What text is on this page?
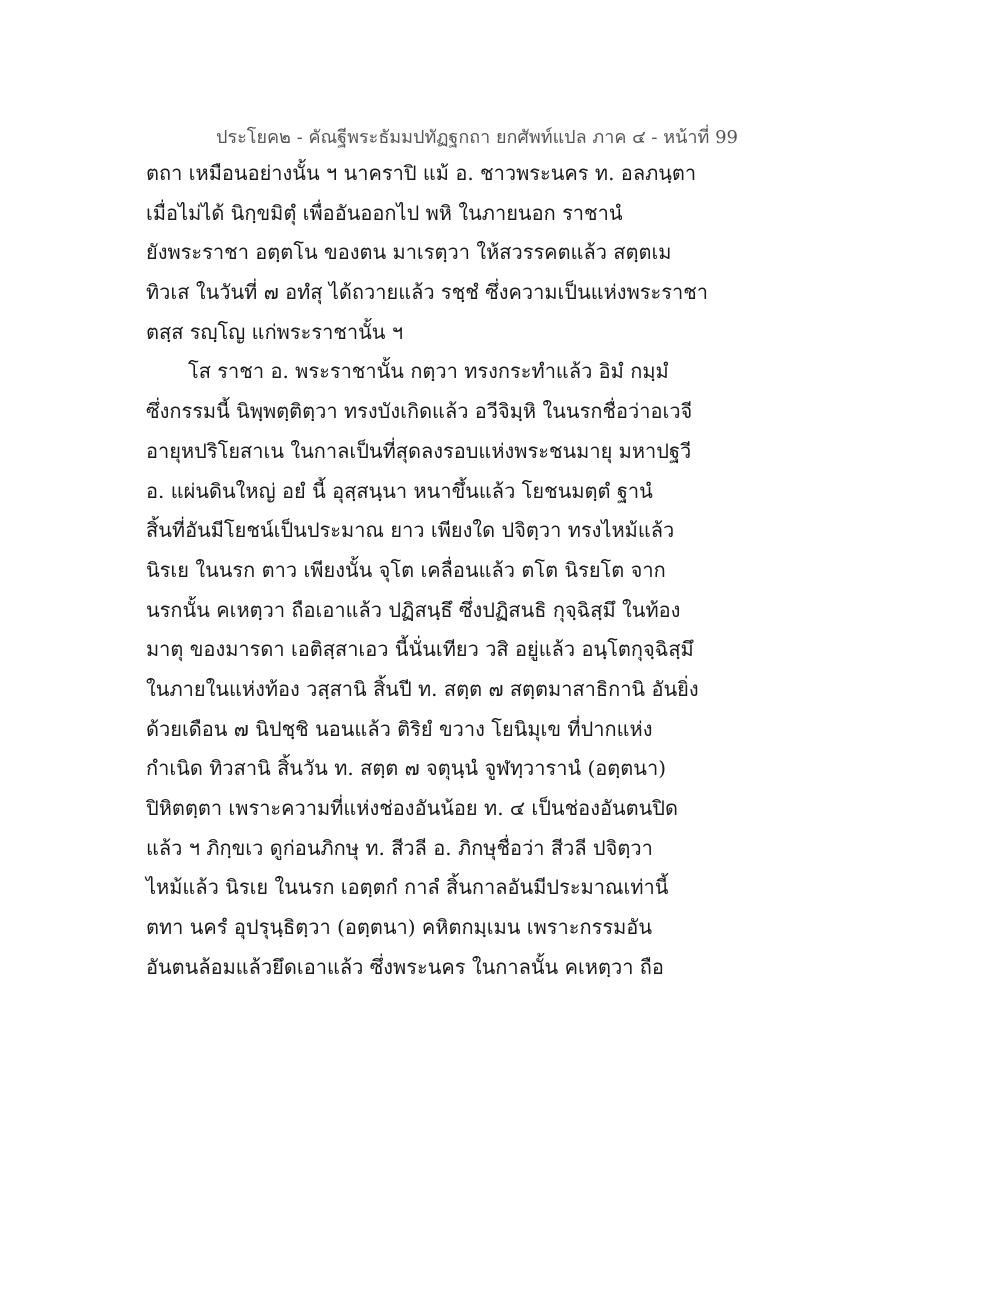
ประโยค๒ - คัณฐีพระธัมมปทัฏฐกถา ยกศัพท์แปล ภาค ๔ - หน้าที่ 99
ตถา เหมือนอย่างนั้น ฯ นาคราปิ แม้ อ. ชาวพระนคร ท. อลภนฺตา
เมื่อไม่ได้ นิกฺขมิตุํ เพื่ออันออกไป พหิ ในภายนอก ราชานํ
ยังพระราชา อตฺตโน ของตน มาเรตฺวา ให้สวรรคตแล้ว สตฺตเม
ทิวเส ในวันที่ ๗ อทํสุ ได้ถวายแล้ว รชฺชํ ซึ่งความเป็นแห่งพระราชา
ตสฺส รญฺโญ แก่พระราชานั้น ฯ
โส ราชา อ. พระราชานั้น กตฺวา ทรงกระทำแล้ว อิมํ กมฺมํ
ซึ่งกรรมนี้ นิพฺพตฺติตฺวา ทรงบังเกิดแล้ว อวีจิมฺหิ ในนรกชื่อว่าอเวจี
อายุหปริโยสาเน ในกาลเป็นที่สุดลงรอบแห่งพระชนมายุ มหาปฐวี
อ. แผ่นดินใหญ่ อยํ นี้ อุสฺสนฺนา หนาขึ้นแล้ว โยชนมตฺตํ ฐานํ
สิ้นที่อันมีโยชน์เป็นประมาณ ยาว เพียงใด ปจิตฺวา ทรงไหม้แล้ว
นิรเย ในนรก ตาว เพียงนั้น จุโต เคลื่อนแล้ว ตโต นิรยโต จาก
นรกนั้น คเหตฺวา ถือเอาแล้ว ปฏิสนฺธึ ซึ่งปฏิสนธิ กุจฺฉิสฺมึ ในท้อง
มาตุ ของมารดา เอติสฺสาเอว นี้นั่นเทียว วสิ อยู่แล้ว อนฺโตกุจฺฉิสฺมึ
ในภายในแห่งท้อง วสฺสานิ สิ้นปี ท. สตฺต ๗ สตฺตมาสาธิกานิ อันยิ่ง
ด้วยเดือน ๗ นิปชฺชิ นอนแล้ว ติริยํ ขวาง โยนิมุเข ที่ปากแห่ง
กำเนิด ทิวสานิ สิ้นวัน ท. สตฺต ๗ จตุนฺนํ จูฬทฺวารานํ (อตฺตนา)
ปิหิตตฺตา เพราะความที่แห่งช่องอันน้อย ท. ๔ เป็นช่องอันตนปิด
แล้ว ฯ ภิกฺขเว ดูก่อนภิกษุ ท. สีวลี อ. ภิกษุชื่อว่า สีวลี ปจิตฺวา
ไหม้แล้ว นิรเย ในนรก เอตฺตกํ กาลํ สิ้นกาลอันมีประมาณเท่านี้
ตทา นครํ อุปรุนฺธิตฺวา (อตฺตนา) คหิตกมฺเมน เพราะกรรมอัน
อันตนล้อมแล้วยึดเอาแล้ว ซึ่งพระนคร ในกาลนั้น คเหตฺวา ถือ
